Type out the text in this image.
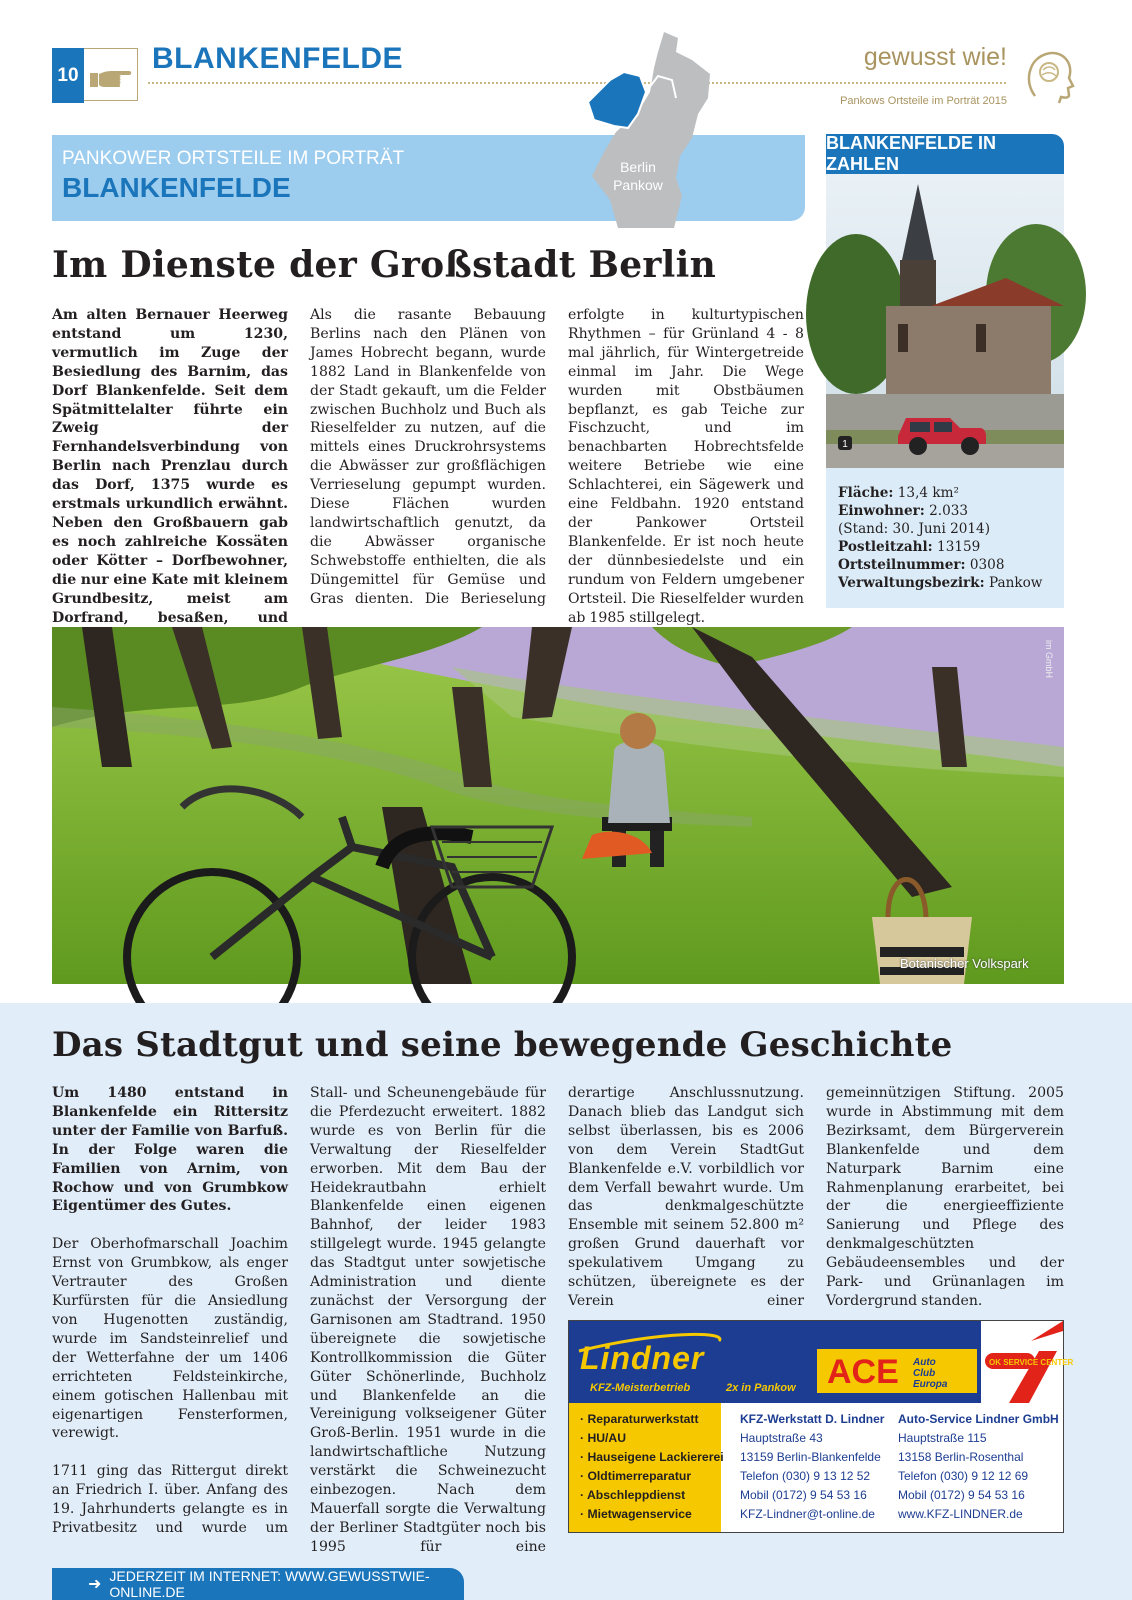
10 BLANKENFELDE	gewusst wie!
Pankows Ortsteile im Porträt 2015
PANKOWER ORTSTEILE IM PORTRÄT
BLANKENFELDE
Berlin
Pankow
BLANKENFELDE IN ZAHLEN
1
Fläche: 13,4 km²
Einwohner: 2.033
(Stand: 30. Juni 2014)
Postleitzahl: 13159
Ortsteilnummer: 0308
Verwaltungsbezirk: Pankow
Im Dienste der Großstadt Berlin

Am alten Bernauer Heerweg entstand um 1230, vermutlich im Zuge der Besiedlung des Barnim, das Dorf Blankenfelde. Seit dem Spätmittelalter führte ein Zweig der Fernhandelsverbindung von Berlin nach Prenzlau durch das Dorf, 1375 wurde es erstmals urkundlich erwähnt. Neben den Großbauern gab es noch zahlreiche Kossäten oder Kötter – Dorfbewohner, die nur eine Kate mit kleinem Grundbesitz, meist am Dorfrand, besaßen, und

Als die rasante Bebauung Berlins nach den Plänen von James Hobrecht begann, wurde 1882 Land in Blankenfelde von der Stadt gekauft, um die Felder zwischen Buchholz und Buch als Rieselfelder zu nutzen, auf die mittels eines Druckrohrsystems die Abwässer zur großflächigen Verrieselung gepumpt wurden. Diese Flächen wurden landwirtschaftlich genutzt, da die Abwässer organische Schwebstoffe enthielten, die als Düngemittel für Gemüse und Gras dienten. Die Berieselung

erfolgte in kulturtypischen Rhythmen – für Grünland 4 - 8 mal jährlich, für Wintergetreide einmal im Jahr. Die Wege wurden mit Obstbäumen bepflanzt, es gab Teiche zur Fischzucht, und im benachbarten Hobrechtsfelde weitere Betriebe wie eine Schlachterei, ein Sägewerk und eine Feldbahn. 1920 entstand der Pankower Ortsteil Blankenfelde. Er ist noch heute der dünnbesiedelste und ein rundum von Feldern umgebener Ortsteil. Die Rieselfelder wurden ab 1985 stillgelegt.

im GmbH
Botanischer Volkspark
Das Stadtgut und seine bewegende Geschichte

Um 1480 entstand in Blankenfelde ein Rittersitz unter der Familie von Barfuß. In der Folge waren die Familien von Arnim, von Rochow und von Grumbkow Eigentümer des Gutes.

Der Oberhofmarschall Joachim Ernst von Grumbkow, als enger Vertrauter des Großen Kurfürsten für die Ansiedlung von Hugenotten zuständig, wurde im Sandsteinrelief und der Wetterfahne der um 1406 errichteten Feldsteinkirche, einem gotischen Hallenbau mit eigenartigen Fensterformen, verewigt.

1711 ging das Rittergut direkt an Friedrich I. über. Anfang des 19. Jahrhunderts gelangte es in Privatbesitz und wurde um

Stall- und Scheunengebäude für die Pferdezucht erweitert. 1882 wurde es von Berlin für die Verwaltung der Rieselfelder erworben. Mit dem Bau der Heidekrautbahn erhielt Blankenfelde einen eigenen Bahnhof, der leider 1983 stillgelegt wurde. 1945 gelangte das Stadtgut unter sowjetische Administration und diente zunächst der Versorgung der Garnisonen am Stadtrand. 1950 übereignete die sowjetische Kontrollkommission die Güter Güter Schönerlinde, Buchholz und Blankenfelde an die Vereinigung volkseigener Güter Groß-Berlin. 1951 wurde in die landwirtschaftliche Nutzung verstärkt die Schweinezucht einbezogen. Nach dem Mauerfall sorgte die Verwaltung der Berliner Stadtgüter noch bis 1995 für eine

derartige Anschlussnutzung. Danach blieb das Landgut sich selbst überlassen, bis es 2006 von dem Verein StadtGut Blankenfelde e.V. vorbildlich vor dem Verfall bewahrt wurde. Um das denkmalgeschützte Ensemble mit seinem 52.800 m² großen Grund dauerhaft vor spekulativem Umgang zu schützen, übereignete es der Verein einer

gemeinnützigen Stiftung. 2005 wurde in Abstimmung mit dem Bezirksamt, dem Bürgerverein Blankenfelde und dem Naturpark Barnim eine Rahmenplanung erarbeitet, bei der die energieeffiziente Sanierung und Pflege des denkmalgeschützten Gebäudeensembles und der Park- und Grünanlagen im Vordergrund standen.

ACE Auto
Club
Europa
OK SERVICE CENTER
Lindner
KFZ-Meisterbetrieb	2x in Pankow
· Reparaturwerkstatt
· HU/AU
· Hauseigene Lackiererei
· Oldtimerreparatur
· Abschleppdienst
· Mietwagenservice
KFZ-Werkstatt D. Lindner
Hauptstraße 43
13159 Berlin-Blankenfelde
Telefon (030) 9 13 12 52
Mobil (0172) 9 54 53 16
KFZ-Lindner@t-online.de
Auto-Service Lindner GmbH
Hauptstraße 115
13158 Berlin-Rosenthal
Telefon (030) 9 12 12 69
Mobil (0172) 9 54 53 16
www.KFZ-LINDNER.de
➜ JEDERZEIT IM INTERNET: WWW.GEWUSSTWIE-ONLINE.DE
